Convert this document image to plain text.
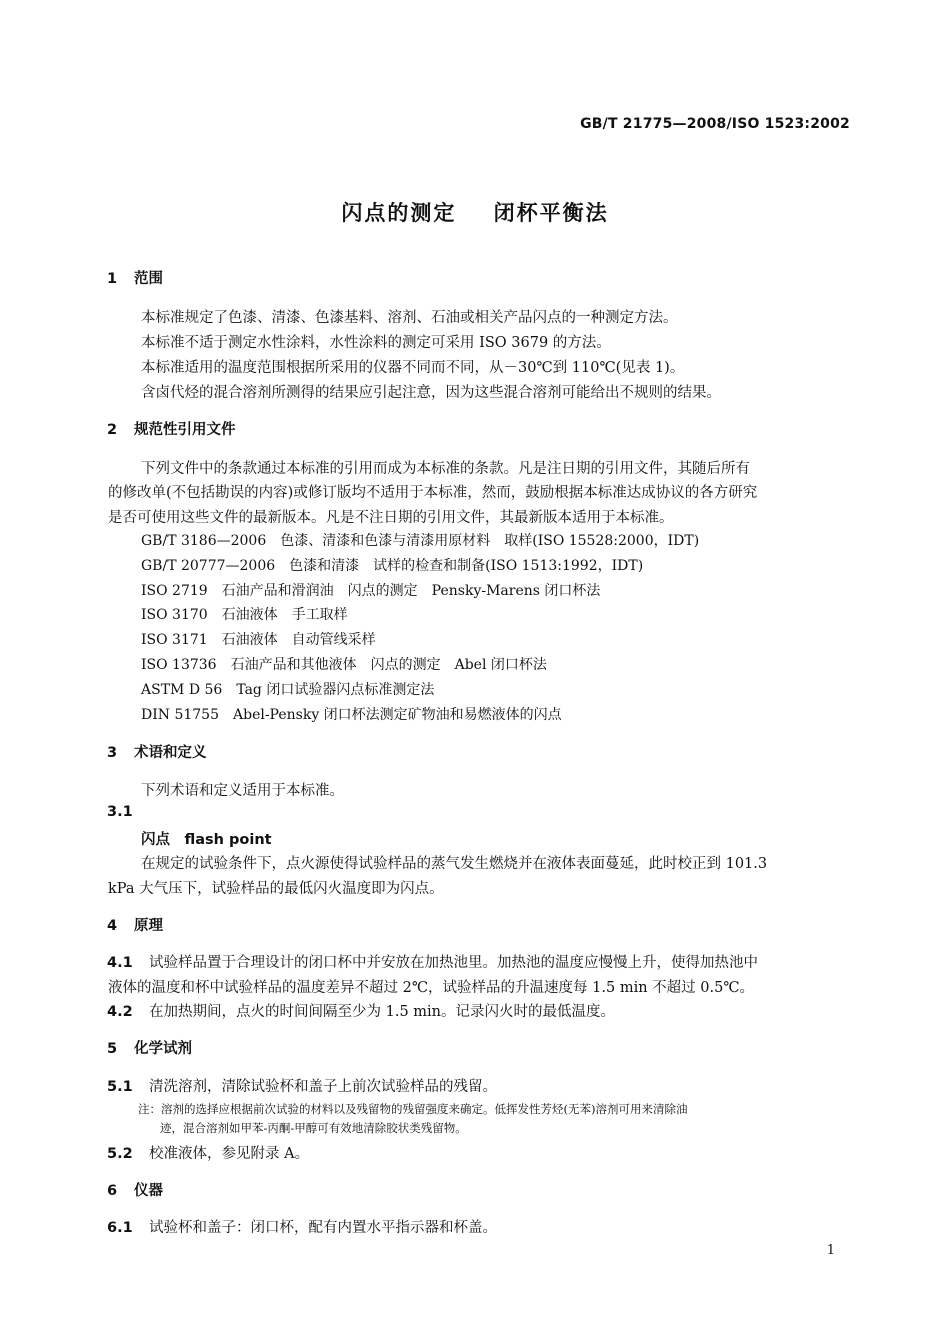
GB/T 21775—2008/ISO 1523:2002
闪点的测定    闭杯平衡法
1 范围
本标准规定了色漆、清漆、色漆基料、溶剂、石油或相关产品闪点的一种测定方法。
本标准不适于测定水性涂料，水性涂料的测定可采用 ISO 3679 的方法。
本标准适用的温度范围根据所采用的仪器不同而不同，从－30℃到 110℃(见表 1)。
含卤代烃的混合溶剂所测得的结果应引起注意，因为这些混合溶剂可能给出不规则的结果。
2 规范性引用文件
下列文件中的条款通过本标准的引用而成为本标准的条款。凡是注日期的引用文件，其随后所有
的修改单(不包括勘误的内容)或修订版均不适用于本标准，然而，鼓励根据本标准达成协议的各方研究
是否可使用这些文件的最新版本。凡是不注日期的引用文件，其最新版本适用于本标准。
GB/T 3186—2006　色漆、清漆和色漆与清漆用原材料　取样(ISO 15528:2000，IDT)
GB/T 20777—2006　色漆和清漆　试样的检查和制备(ISO 1513:1992，IDT)
ISO 2719　石油产品和滑润油　闪点的测定　Pensky-Marens 闭口杯法
ISO 3170　石油液体　手工取样
ISO 3171　石油液体　自动管线采样
ISO 13736　石油产品和其他液体　闪点的测定　Abel 闭口杯法
ASTM D 56　Tag 闭口试验器闪点标准测定法
DIN 51755　Abel-Pensky 闭口杯法测定矿物油和易燃液体的闪点
3 术语和定义
下列术语和定义适用于本标准。
3.1
闪点　flash point
在规定的试验条件下，点火源使得试验样品的蒸气发生燃烧并在液体表面蔓延，此时校正到 101.3
kPa 大气压下，试验样品的最低闪火温度即为闪点。
4 原理
4.1 试验样品置于合理设计的闭口杯中并安放在加热池里。加热池的温度应慢慢上升，使得加热池中
液体的温度和杯中试验样品的温度差异不超过 2℃，试验样品的升温速度每 1.5 min 不超过 0.5℃。
4.2 在加热期间，点火的时间间隔至少为 1.5 min。记录闪火时的最低温度。
5 化学试剂
5.1 清洗溶剂，清除试验杯和盖子上前次试验样品的残留。
注：溶剂的选择应根据前次试验的材料以及残留物的残留强度来确定。低挥发性芳烃(无苯)溶剂可用来清除油
迹，混合溶剂如甲苯-丙酮-甲醇可有效地清除胶状类残留物。
5.2 校准液体，参见附录 A。
6 仪器
6.1 试验杯和盖子：闭口杯，配有内置水平指示器和杯盖。
1
